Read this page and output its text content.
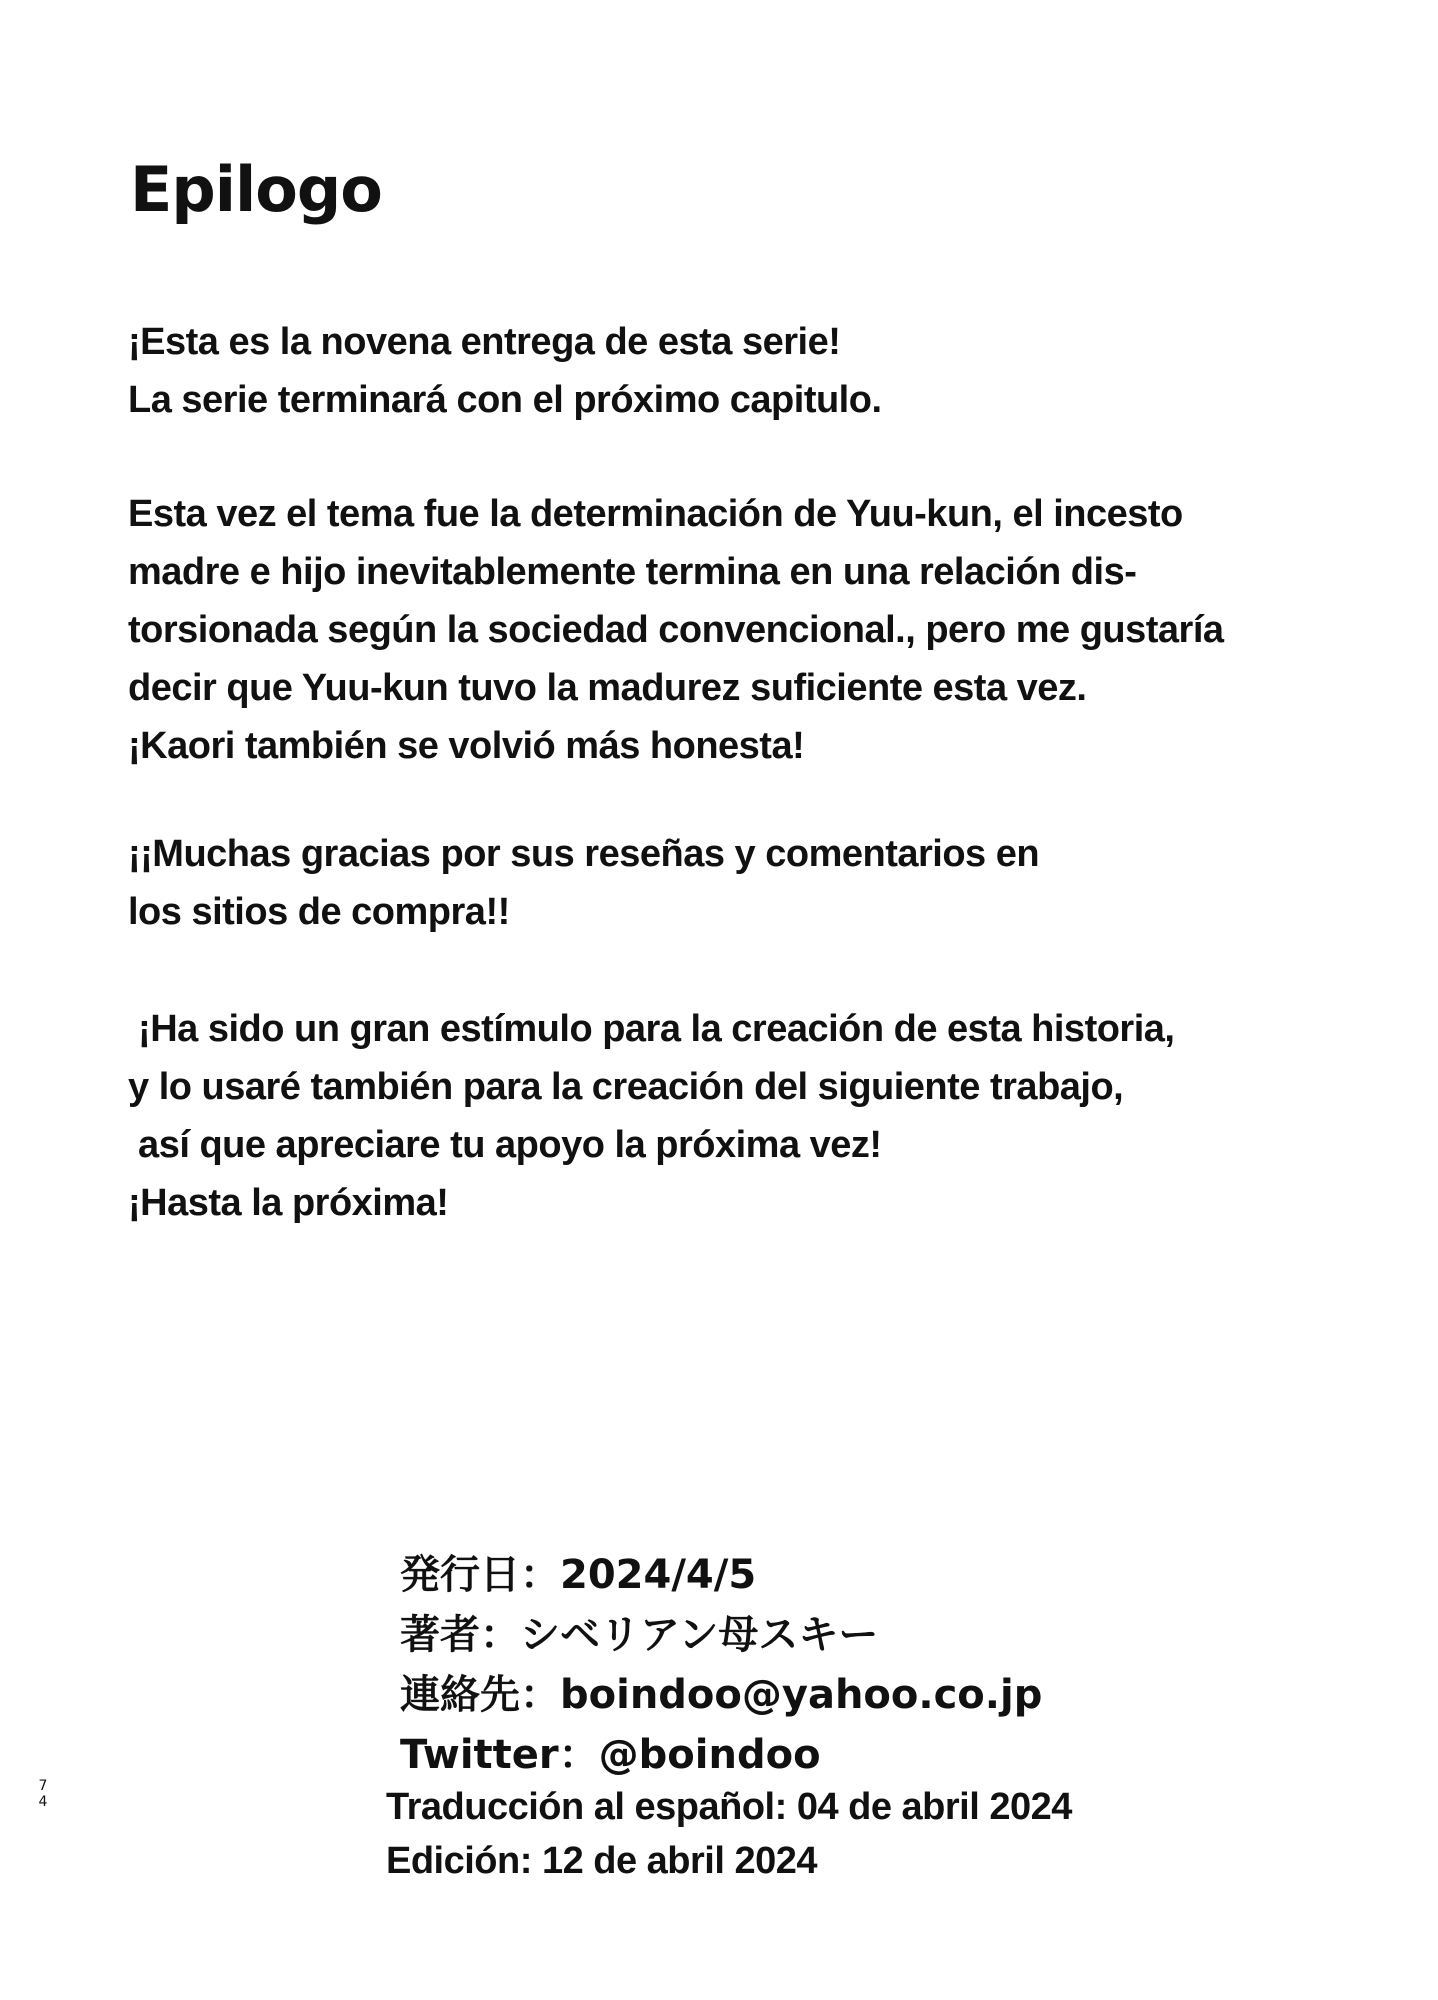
Epilogo

¡Esta es la novena entrega de esta serie!
La serie terminará con el próximo capitulo.

Esta vez el tema fue la determinación de Yuu-kun, el incesto
madre e hijo inevitablemente termina en una relación dis-
torsionada según la sociedad convencional., pero me gustaría
decir que Yuu-kun tuvo la madurez suficiente esta vez.
¡Kaori también se volvió más honesta!

¡¡Muchas gracias por sus reseñas y comentarios en
los sitios de compra!!

¡Ha sido un gran estímulo para la creación de esta historia,
y lo usaré también para la creación del siguiente trabajo,
así que apreciare tu apoyo la próxima vez!
¡Hasta la próxima!

発行日：2024/4/5
著者：シベリアン母スキー
連絡先：boindoo@yahoo.co.jp
Twitter：@boindoo
Traducción al español: 04 de abril 2024
Edición: 12 de abril 2024
7
4
